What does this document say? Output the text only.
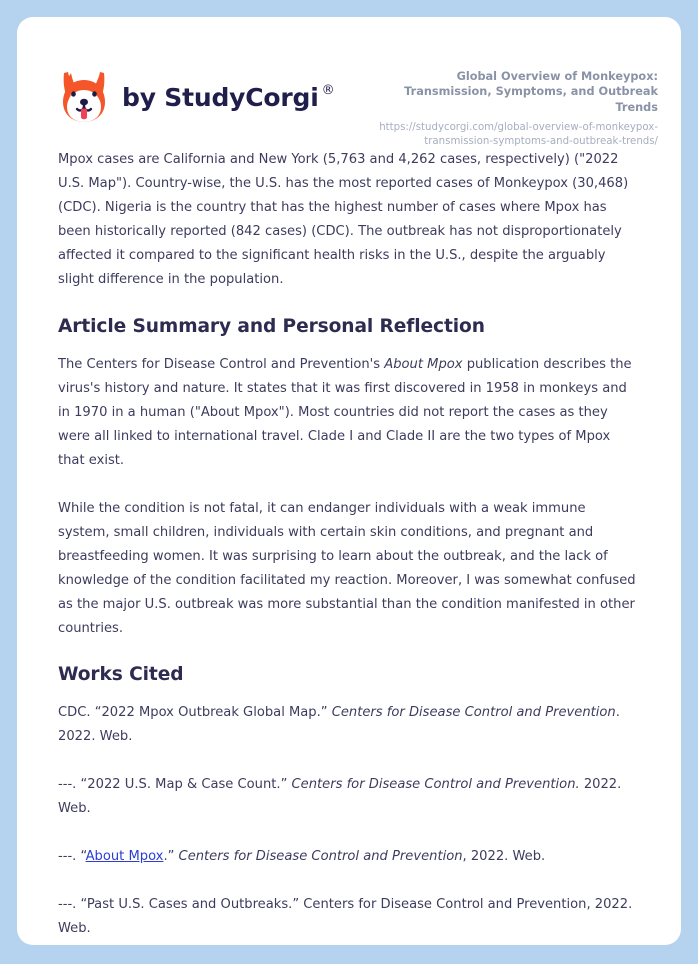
by StudyCorgi ®

Global Overview of Monkeypox: Transmission, Symptoms, and Outbreak Trends

https://studycorgi.com/global-overview-of-monkeypox-transmission-symptoms-and-outbreak-trends/

Mpox cases are California and New York (5,763 and 4,262 cases, respectively) ("2022 U.S. Map"). Country-wise, the U.S. has the most reported cases of Monkeypox (30,468) (CDC). Nigeria is the country that has the highest number of cases where Mpox has been historically reported (842 cases) (CDC). The outbreak has not disproportionately affected it compared to the significant health risks in the U.S., despite the arguably slight difference in the population.

Article Summary and Personal Reflection

The Centers for Disease Control and Prevention's About Mpox publication describes the virus's history and nature. It states that it was first discovered in 1958 in monkeys and in 1970 in a human ("About Mpox"). Most countries did not report the cases as they were all linked to international travel. Clade I and Clade II are the two types of Mpox that exist.

While the condition is not fatal, it can endanger individuals with a weak immune system, small children, individuals with certain skin conditions, and pregnant and breastfeeding women. It was surprising to learn about the outbreak, and the lack of knowledge of the condition facilitated my reaction. Moreover, I was somewhat confused as the major U.S. outbreak was more substantial than the condition manifested in other countries.

Works Cited

CDC. “2022 Mpox Outbreak Global Map.” Centers for Disease Control and Prevention. 2022. Web.

---. “2022 U.S. Map & Case Count.” Centers for Disease Control and Prevention. 2022. Web.

---. “About Mpox.” Centers for Disease Control and Prevention, 2022. Web.

---. “Past U.S. Cases and Outbreaks.” Centers for Disease Control and Prevention, 2022. Web.
